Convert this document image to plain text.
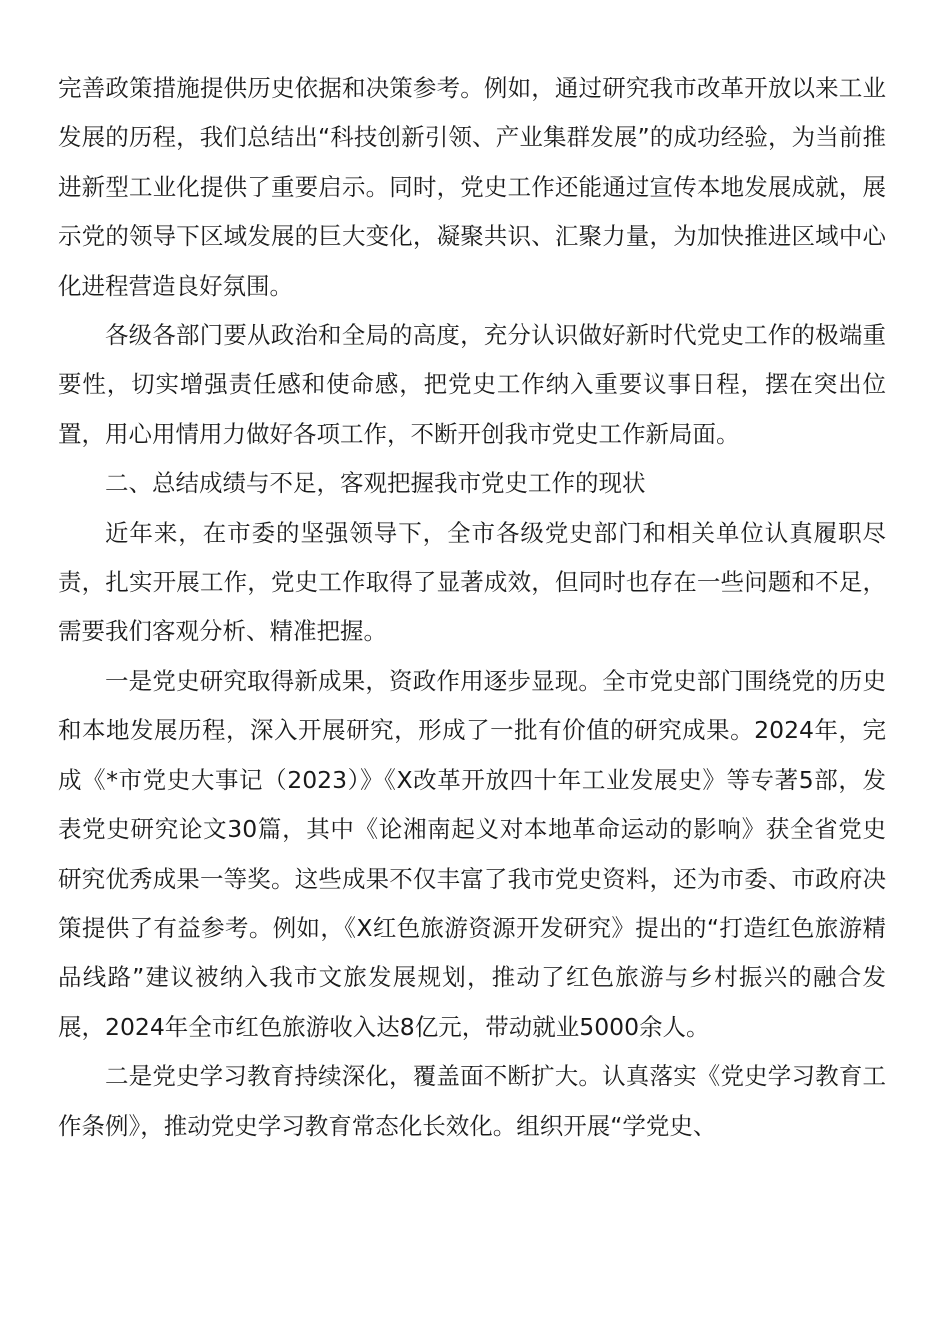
完善政策措施提供历史依据和决策参考。例如，通过研究我市改革开放以来工业发展的历程，我们总结出“科技创新引领、产业集群发展”的成功经验，为当前推进新型工业化提供了重要启示。同时，党史工作还能通过宣传本地发展成就，展示党的领导下区域发展的巨大变化，凝聚共识、汇聚力量，为加快推进区域中心化进程营造良好氛围。

各级各部门要从政治和全局的高度，充分认识做好新时代党史工作的极端重要性，切实增强责任感和使命感，把党史工作纳入重要议事日程，摆在突出位置，用心用情用力做好各项工作，不断开创我市党史工作新局面。

二、总结成绩与不足，客观把握我市党史工作的现状

近年来，在市委的坚强领导下，全市各级党史部门和相关单位认真履职尽责，扎实开展工作，党史工作取得了显著成效，但同时也存在一些问题和不足，需要我们客观分析、精准把握。

一是党史研究取得新成果，资政作用逐步显现。全市党史部门围绕党的历史和本地发展历程，深入开展研究，形成了一批有价值的研究成果。2024年，完成《*市党史大事记（2023）》《X改革开放四十年工业发展史》等专著5部，发表党史研究论文30篇，其中《论湘南起义对本地革命运动的影响》获全省党史研究优秀成果一等奖。这些成果不仅丰富了我市党史资料，还为市委、市政府决策提供了有益参考。例如，《X红色旅游资源开发研究》提出的“打造红色旅游精品线路”建议被纳入我市文旅发展规划，推动了红色旅游与乡村振兴的融合发展，2024年全市红色旅游收入达8亿元，带动就业5000余人。

二是党史学习教育持续深化，覆盖面不断扩大。认真落实《党史学习教育工作条例》，推动党史学习教育常态化长效化。组织开展“学党史、
